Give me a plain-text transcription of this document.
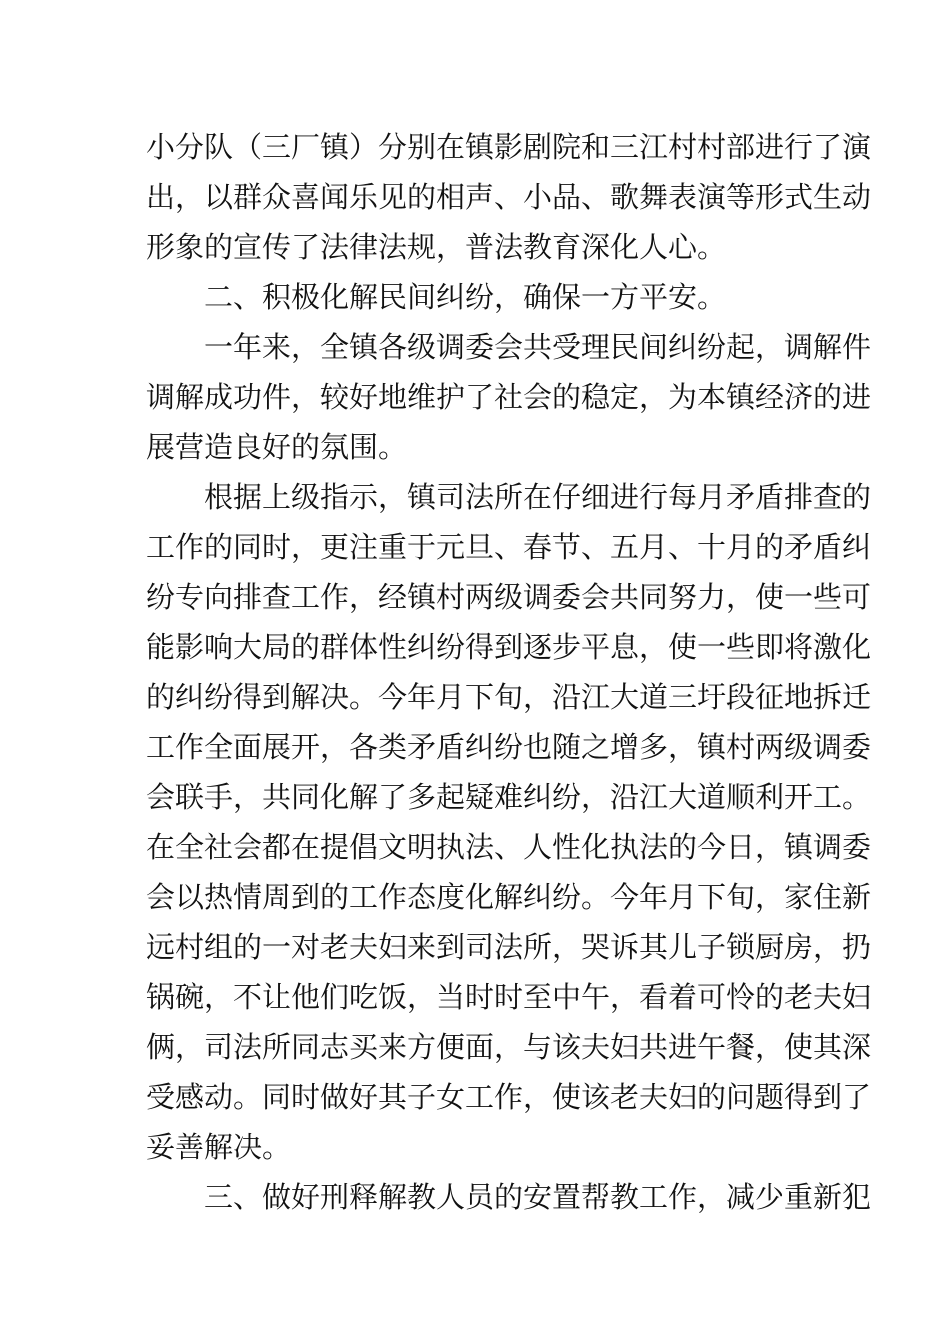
小分队（三厂镇）分别在镇影剧院和三江村村部进行了演
出，以群众喜闻乐见的相声、小品、歌舞表演等形式生动
形象的宣传了法律法规，普法教育深化人心。
　　二、积极化解民间纠纷，确保一方平安。
　　一年来，全镇各级调委会共受理民间纠纷起，调解件
调解成功件，较好地维护了社会的稳定，为本镇经济的进
展营造良好的氛围。
　　根据上级指示，镇司法所在仔细进行每月矛盾排查的
工作的同时，更注重于元旦、春节、五月、十月的矛盾纠
纷专向排查工作，经镇村两级调委会共同努力，使一些可
能影响大局的群体性纠纷得到逐步平息，使一些即将激化
的纠纷得到解决。今年月下旬，沿江大道三圩段征地拆迁
工作全面展开，各类矛盾纠纷也随之增多，镇村两级调委
会联手，共同化解了多起疑难纠纷，沿江大道顺利开工。
在全社会都在提倡文明执法、人性化执法的今日，镇调委
会以热情周到的工作态度化解纠纷。今年月下旬，家住新
远村组的一对老夫妇来到司法所，哭诉其儿子锁厨房，扔
锅碗，不让他们吃饭，当时时至中午，看着可怜的老夫妇
俩，司法所同志买来方便面，与该夫妇共进午餐，使其深
受感动。同时做好其子女工作，使该老夫妇的问题得到了
妥善解决。
　　三、做好刑释解教人员的安置帮教工作，减少重新犯
